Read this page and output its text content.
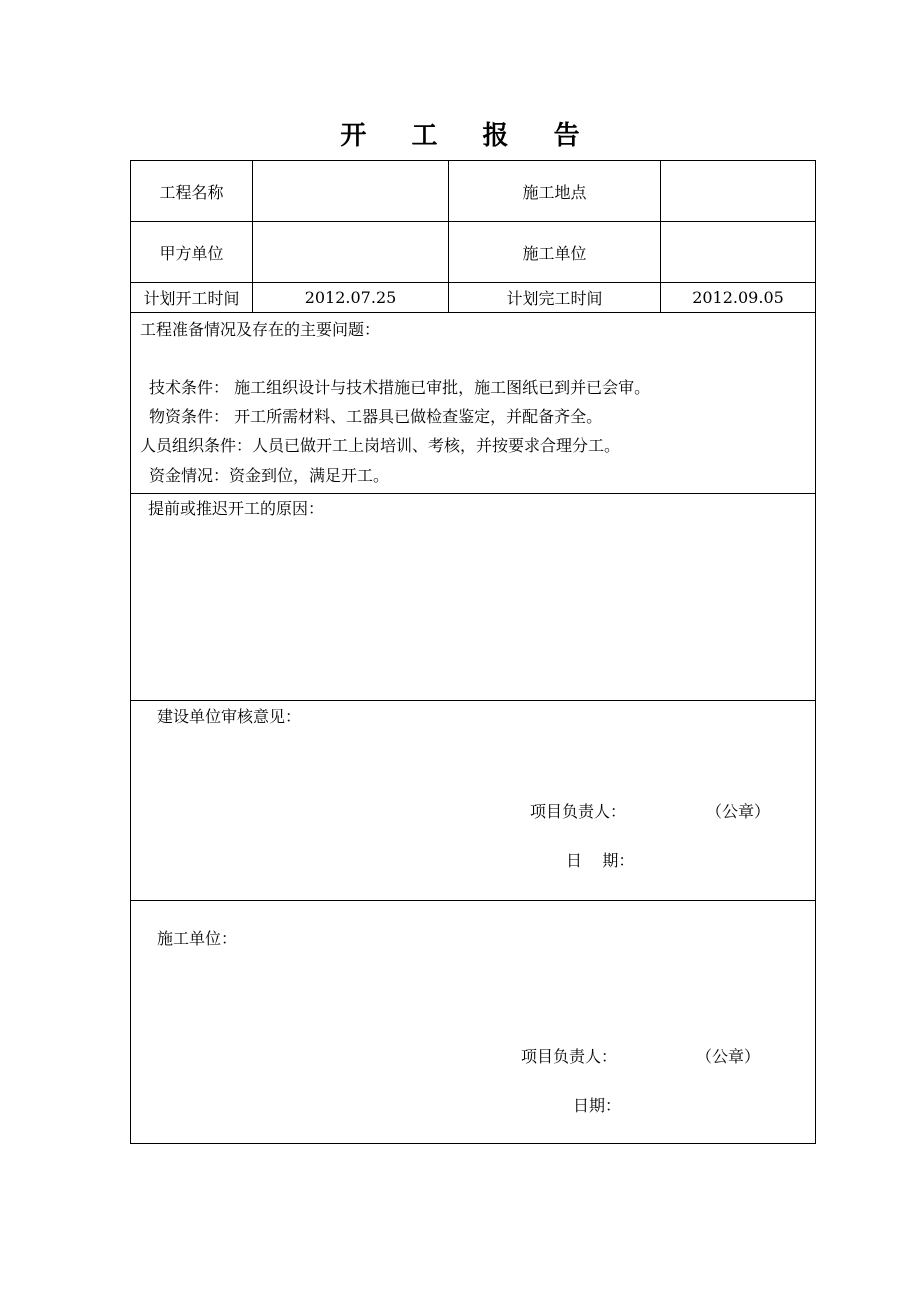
开 工 报 告
工程名称		施工地点	
甲方单位		施工单位	
计划开工时间	2012.07.25	计划完工时间	2012.09.05

工程准备情况及存在的主要问题：
技术条件： 施工组织设计与技术措施已审批，施工图纸已到并已会审。
物资条件： 开工所需材料、工器具已做检查鉴定，并配备齐全。
人员组织条件：人员已做开工上岗培训、考核，并按要求合理分工。
资金情况：资金到位，满足开工。			

提前或推迟开工的原因：			

建设单位审核意见：
项目负责人： （公章）
日    期：			

施工单位：
项目负责人： （公章）
日期：			
